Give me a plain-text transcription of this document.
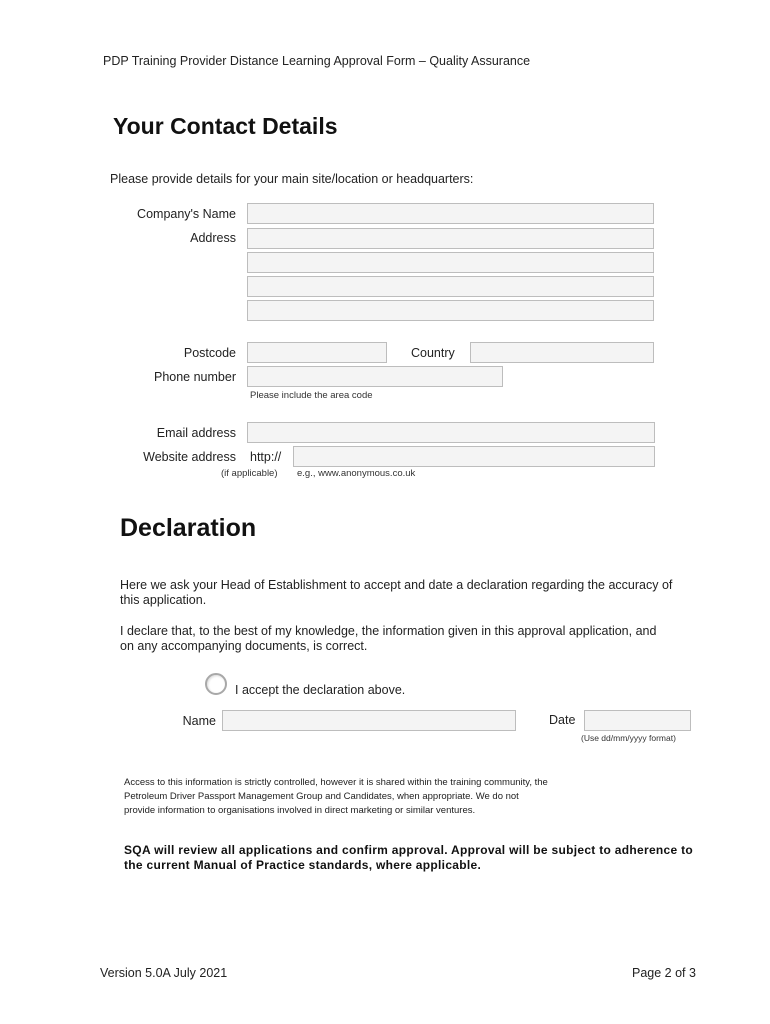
PDP Training Provider Distance Learning Approval Form – Quality Assurance
Your Contact Details
Please provide details for your main site/location or headquarters:
Company's Name
Address
Postcode	Country
Phone number
Please include the area code
Email address
Website address http://
(if applicable) e.g., www.anonymous.co.uk
Declaration
Here we ask your Head of Establishment to accept and date a declaration regarding the accuracy of
this application.
I declare that, to the best of my knowledge, the information given in this approval application, and
on any accompanying documents, is correct.
I accept the declaration above.
Name	Date
(Use dd/mm/yyyy format)
Access to this information is strictly controlled, however it is shared within the training community, the
Petroleum Driver Passport Management Group and Candidates, when appropriate. We do not
provide information to organisations involved in direct marketing or similar ventures.
SQA will review all applications and confirm approval. Approval will be subject to adherence to
the current Manual of Practice standards, where applicable.
Version 5.0A July 2021	Page 2 of 3
